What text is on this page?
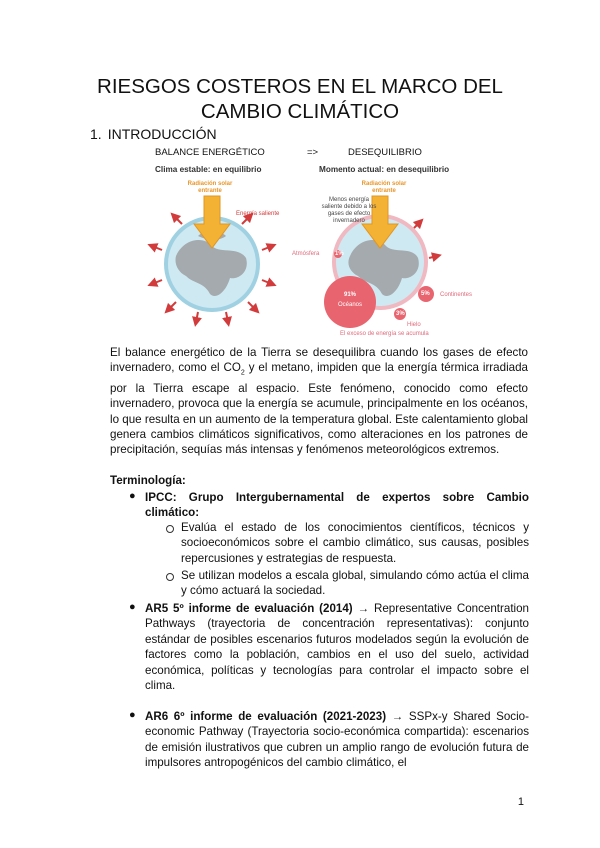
RIESGOS COSTEROS EN EL MARCO DEL
CAMBIO CLIMÁTICO
1. INTRODUCCIÓN
BALANCE ENERGÉTICO	=>	DESEQUILIBRIO
Clima estable: en equilibrio	Momento actual: en desequilibrio
Radiación solar entrante
Energía saliente
Menos energía saliente debido a los gases de efecto invernadero
Radiación solar entrante
Atmósfera	1%
91%
Océanos
5% Continentes
3%
Hielo
El exceso de energía se acumula

El balance energético de la Tierra se desequilibra cuando los gases de efecto invernadero, como el $CO_2$ y el metano, impiden que la energía térmica irradiada por la Tierra escape al espacio. Este fenómeno, conocido como efecto invernadero, provoca que la energía se acumule, principalmente en los océanos, lo que resulta en un aumento de la temperatura global. Este calentamiento global genera cambios climáticos significativos, como alteraciones en los patrones de precipitación, sequías más intensas y fenómenos meteorológicos extremos.

Terminología:
● IPCC: Grupo Intergubernamental de expertos sobre Cambio climático:

Evalúa el estado de los conocimientos científicos, técnicos y socioeconómicos sobre el cambio climático, sus causas, posibles repercusiones y estrategias de respuesta.

Se utilizan modelos a escala global, simulando cómo actúa el clima y cómo actuará la sociedad.

● AR5 5º informe de evaluación (2014) → Representative Concentration Pathways (trayectoria de concentración representativas): conjunto estándar de posibles escenarios futuros modelados según la evolución de factores como la población, cambios en el uso del suelo, actividad económica, políticas y tecnologías para controlar el impacto sobre el clima.

● AR6 6º informe de evaluación (2021-2023) → SSPx-y Shared Socio-economic Pathway (Trayectoria socio-económica compartida): escenarios de emisión ilustrativos que cubren un amplio rango de evolución futura de impulsores antropogénicos del cambio climático, el

1
